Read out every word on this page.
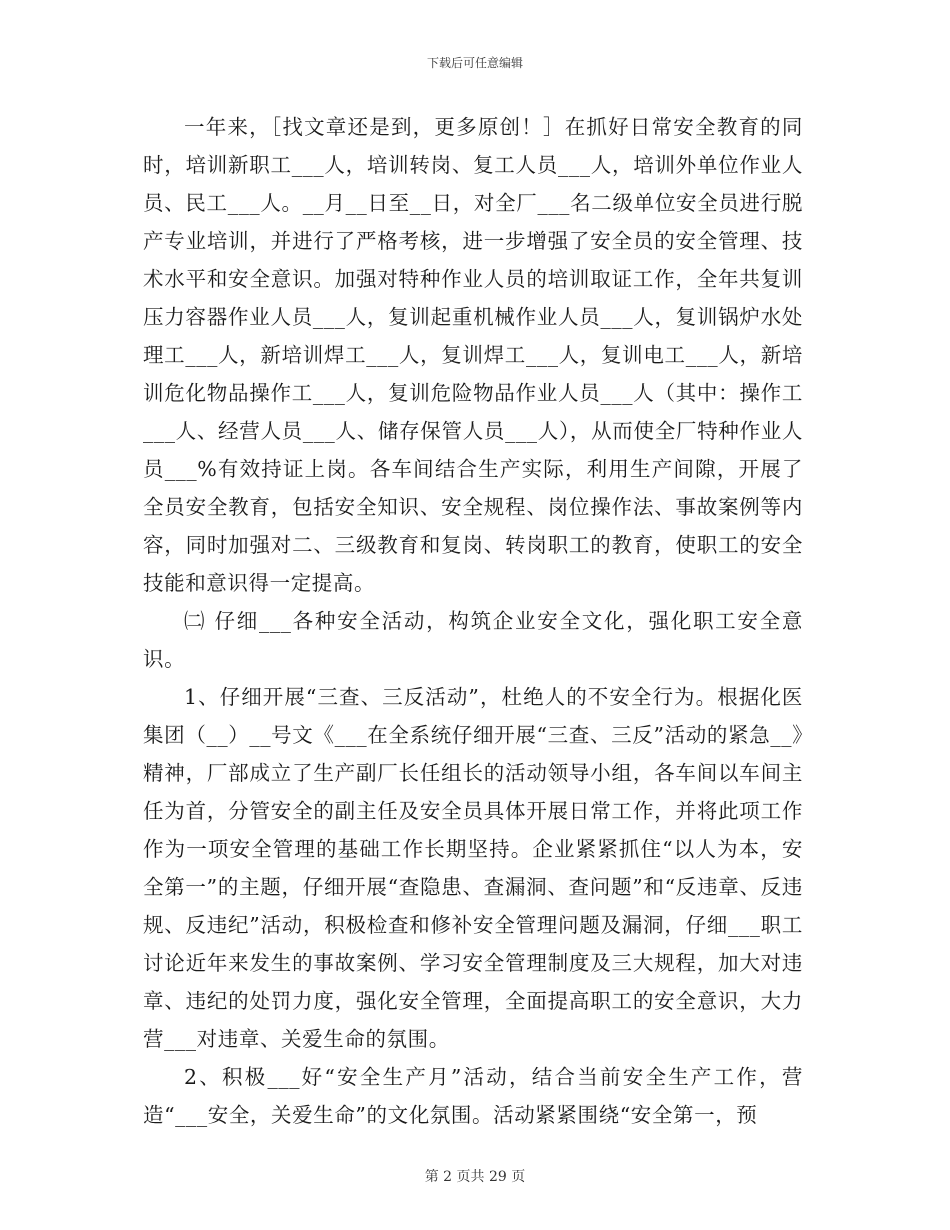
下载后可任意编辑

一年来，［找文章还是到，更多原创！］在抓好日常安全教育的同时，培训新职工___人，培训转岗、复工人员___人，培训外单位作业人员、民工___人。__月__日至__日，对全厂___名二级单位安全员进行脱产专业培训，并进行了严格考核，进一步增强了安全员的安全管理、技术水平和安全意识。加强对特种作业人员的培训取证工作，全年共复训压力容器作业人员___人，复训起重机械作业人员___人，复训锅炉水处理工___人，新培训焊工___人，复训焊工___人，复训电工___人，新培训危化物品操作工___人，复训危险物品作业人员___人（其中：操作工___人、经营人员___人、储存保管人员___人），从而使全厂特种作业人员___%有效持证上岗。各车间结合生产实际，利用生产间隙，开展了全员安全教育，包括安全知识、安全规程、岗位操作法、事故案例等内容，同时加强对二、三级教育和复岗、转岗职工的教育，使职工的安全技能和意识得一定提高。

㈡ 仔细___各种安全活动，构筑企业安全文化，强化职工安全意识。

1、仔细开展“三查、三反活动”，杜绝人的不安全行为。根据化医集团（__）__号文《___在全系统仔细开展“三查、三反”活动的紧急__》精神，厂部成立了生产副厂长任组长的活动领导小组，各车间以车间主任为首，分管安全的副主任及安全员具体开展日常工作，并将此项工作作为一项安全管理的基础工作长期坚持。企业紧紧抓住“以人为本，安全第一”的主题，仔细开展“查隐患、查漏洞、查问题”和“反违章、反违规、反违纪”活动，积极检查和修补安全管理问题及漏洞，仔细___职工讨论近年来发生的事故案例、学习安全管理制度及三大规程，加大对违章、违纪的处罚力度，强化安全管理，全面提高职工的安全意识，大力营___对违章、关爱生命的氛围。

2、积极___好“安全生产月”活动，结合当前安全生产工作，营造“___安全，关爱生命”的文化氛围。活动紧紧围绕“安全第一，预

第 2 页共 29 页
